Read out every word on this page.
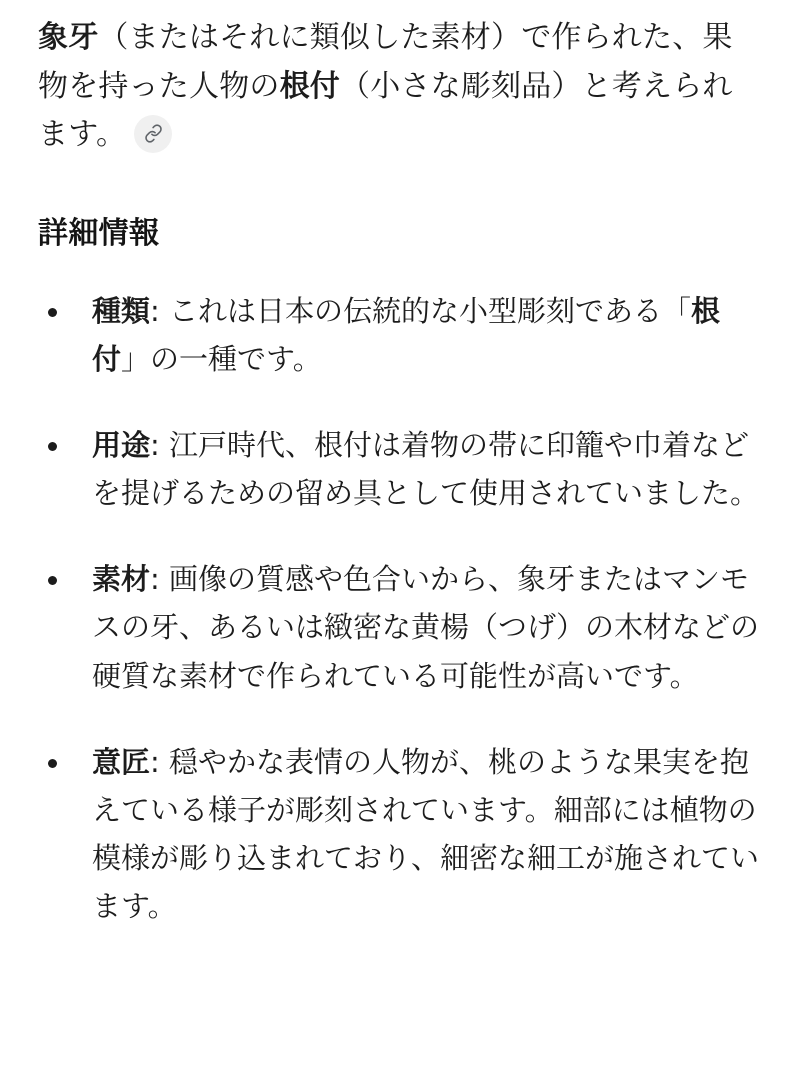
象牙（またはそれに類似した素材）で作られた、果物を持った人物の根付（小さな彫刻品）と考えられます。

詳細情報
種類: これは日本の伝統的な小型彫刻である「根付」の一種です。
用途: 江戸時代、根付は着物の帯に印籠や巾着などを提げるための留め具として使用されていました。
素材: 画像の質感や色合いから、象牙またはマンモスの牙、あるいは緻密な黄楊（つげ）の木材などの硬質な素材で作られている可能性が高いです。
意匠: 穏やかな表情の人物が、桃のような果実を抱えている様子が彫刻されています。細部には植物の模様が彫り込まれており、細密な細工が施されています。
